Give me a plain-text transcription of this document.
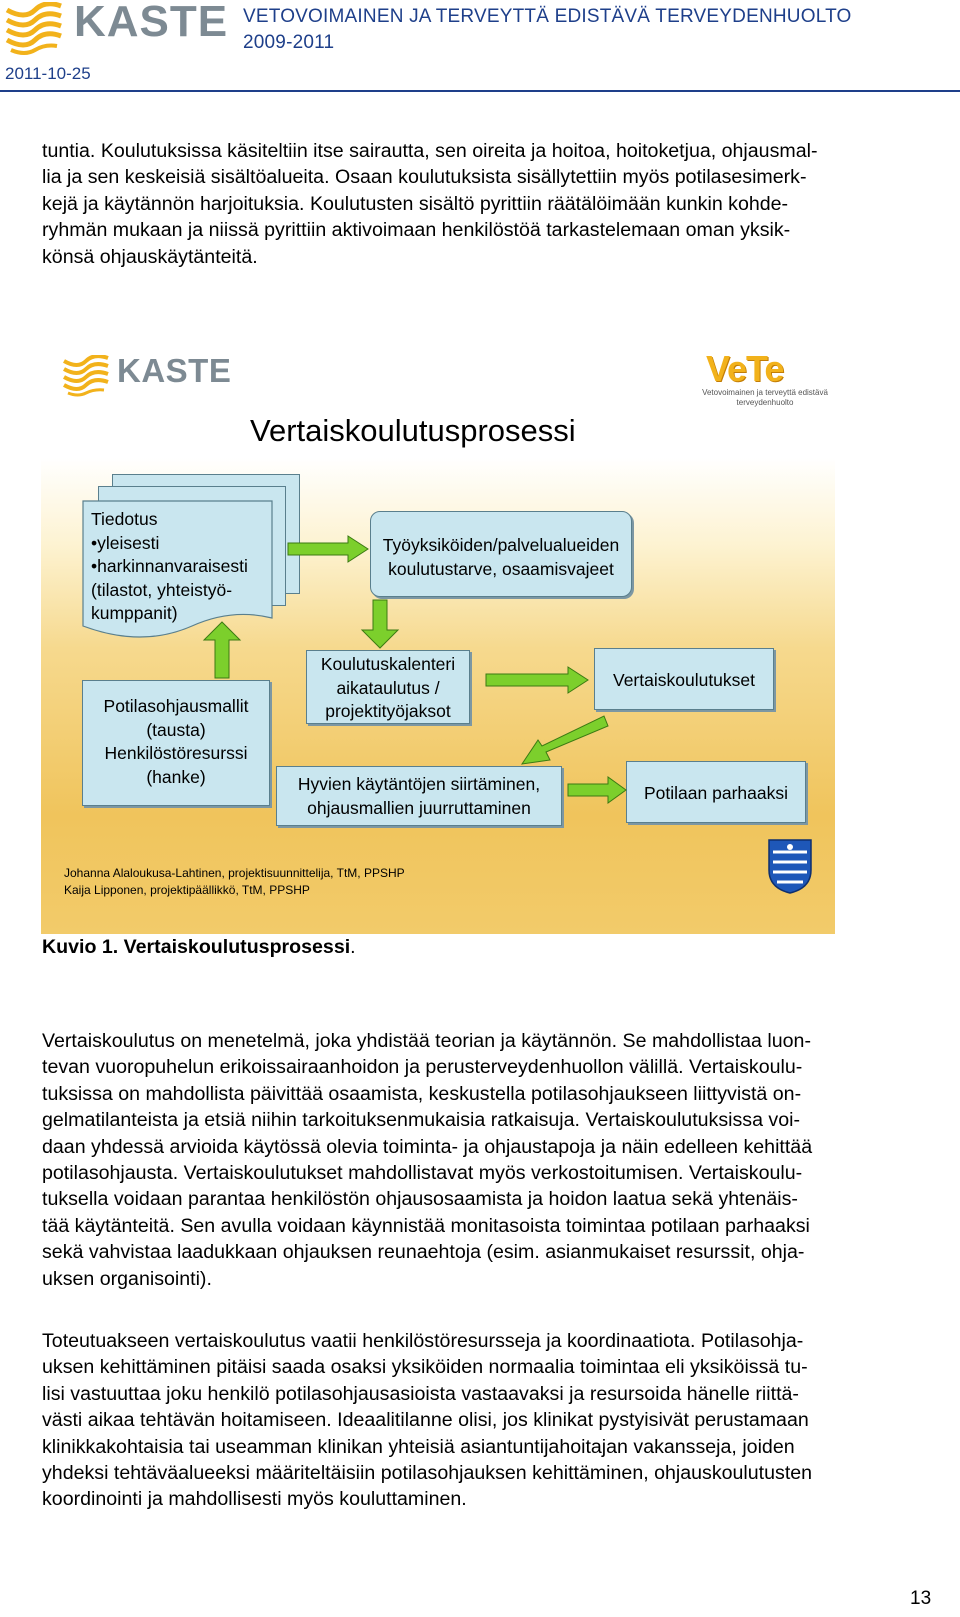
KASTE VETOVOIMAINEN JA TERVEYTTÄ EDISTÄVÄ TERVEYDENHUOLTO
2009-2011
2011-10-25
tuntia. Koulutuksissa käsiteltiin itse sairautta, sen oireita ja hoitoa, hoitoketjua, ohjausmal-
lia ja sen keskeisiä sisältöalueita. Osaan koulutuksista sisällytettiin myös potilasesimerk-
kejä ja käytännön harjoituksia. Koulutusten sisältö pyrittiin räätälöimään kunkin kohde-
ryhmän mukaan ja niissä pyrittiin aktivoimaan henkilöstöä tarkastelemaan oman yksik-
könsä ohjauskäytänteitä.
KASTE
Vertaiskoulutusprosessi
VeTe
Vetovoimainen ja terveyttä edistävä terveydenhuolto
Tiedotus
•yleisesti
•harkinnanvaraisesti
(tilastot, yhteistyö-
kumppanit)
Työyksiköiden/palvelualueiden
koulutustarve, osaamisvajeet
Potilasohjausmallit
(tausta)
Henkilöstöresurssi
(hanke)
Koulutuskalenteri
aikataulutus /
projektityöjaksot
Vertaiskoulutukset
Hyvien käytäntöjen siirtäminen,
ohjausmallien juurruttaminen
Potilaan parhaaksi
Johanna Alaloukusa-Lahtinen, projektisuunnittelija, TtM, PPSHP
Kaija Lipponen, projektipäällikkö, TtM, PPSHP
Kuvio 1. Vertaiskoulutusprosessi.
Vertaiskoulutus on menetelmä, joka yhdistää teorian ja käytännön. Se mahdollistaa luon-
tevan vuoropuhelun erikoissairaanhoidon ja perusterveydenhuollon välillä. Vertaiskoulu-
tuksissa on mahdollista päivittää osaamista, keskustella potilasohjaukseen liittyvistä on-
gelmatilanteista ja etsiä niihin tarkoituksenmukaisia ratkaisuja. Vertaiskoulutuksissa voi-
daan yhdessä arvioida käytössä olevia toiminta- ja ohjaustapoja ja näin edelleen kehittää
potilasohjausta. Vertaiskoulutukset mahdollistavat myös verkostoitumisen. Vertaiskoulu-
tuksella voidaan parantaa henkilöstön ohjausosaamista ja hoidon laatua sekä yhtenäis-
tää käytänteitä. Sen avulla voidaan käynnistää monitasoista toimintaa potilaan parhaaksi
sekä vahvistaa laadukkaan ohjauksen reunaehtoja (esim. asianmukaiset resurssit, ohja-
uksen organisointi).
Toteutuakseen vertaiskoulutus vaatii henkilöstöresursseja ja koordinaatiota. Potilasohja-
uksen kehittäminen pitäisi saada osaksi yksiköiden normaalia toimintaa eli yksiköissä tu-
lisi vastuuttaa joku henkilö potilasohjausasioista vastaavaksi ja resursoida hänelle riittä-
västi aikaa tehtävän hoitamiseen. Ideaalitilanne olisi, jos klinikat pystyisivät perustamaan
klinikkakohtaisia tai useamman klinikan yhteisiä asiantuntijahoitajan vakansseja, joiden
yhdeksi tehtäväalueeksi määriteltäisiin potilasohjauksen kehittäminen, ohjauskoulutusten
koordinointi ja mahdollisesti myös kouluttaminen.
13
